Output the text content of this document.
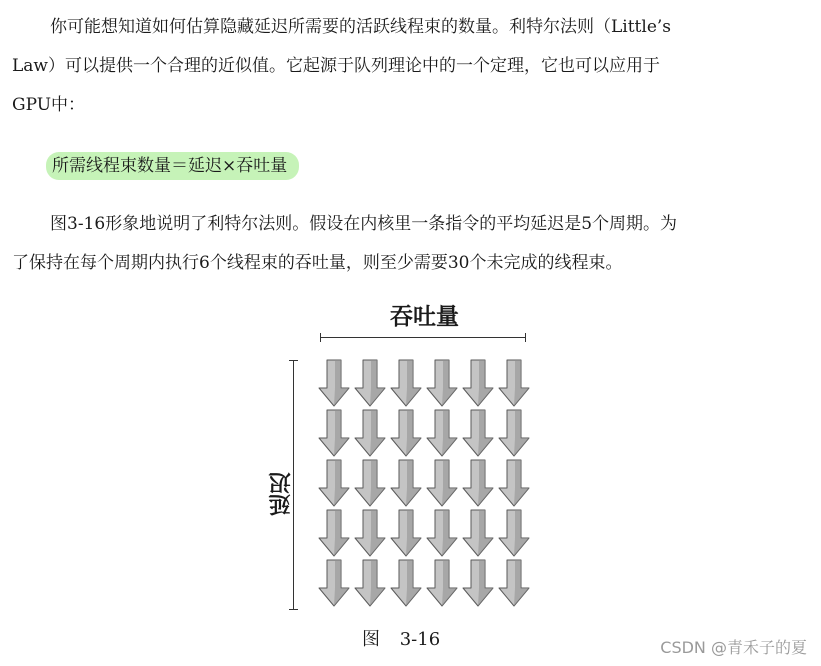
你可能想知道如何估算隐藏延迟所需要的活跃线程束的数量。利特尔法则（Little’s
Law）可以提供一个合理的近似值。它起源于队列理论中的一个定理，它也可以应用于
GPU中：
所需线程束数量＝延迟×吞吐量
图3-16形象地说明了利特尔法则。假设在内核里一条指令的平均延迟是5个周期。为
了保持在每个周期内执行6个线程束的吞吐量，则至少需要30个未完成的线程束。
吞吐量
延迟
图 3-16	CSDN @青禾子的夏
